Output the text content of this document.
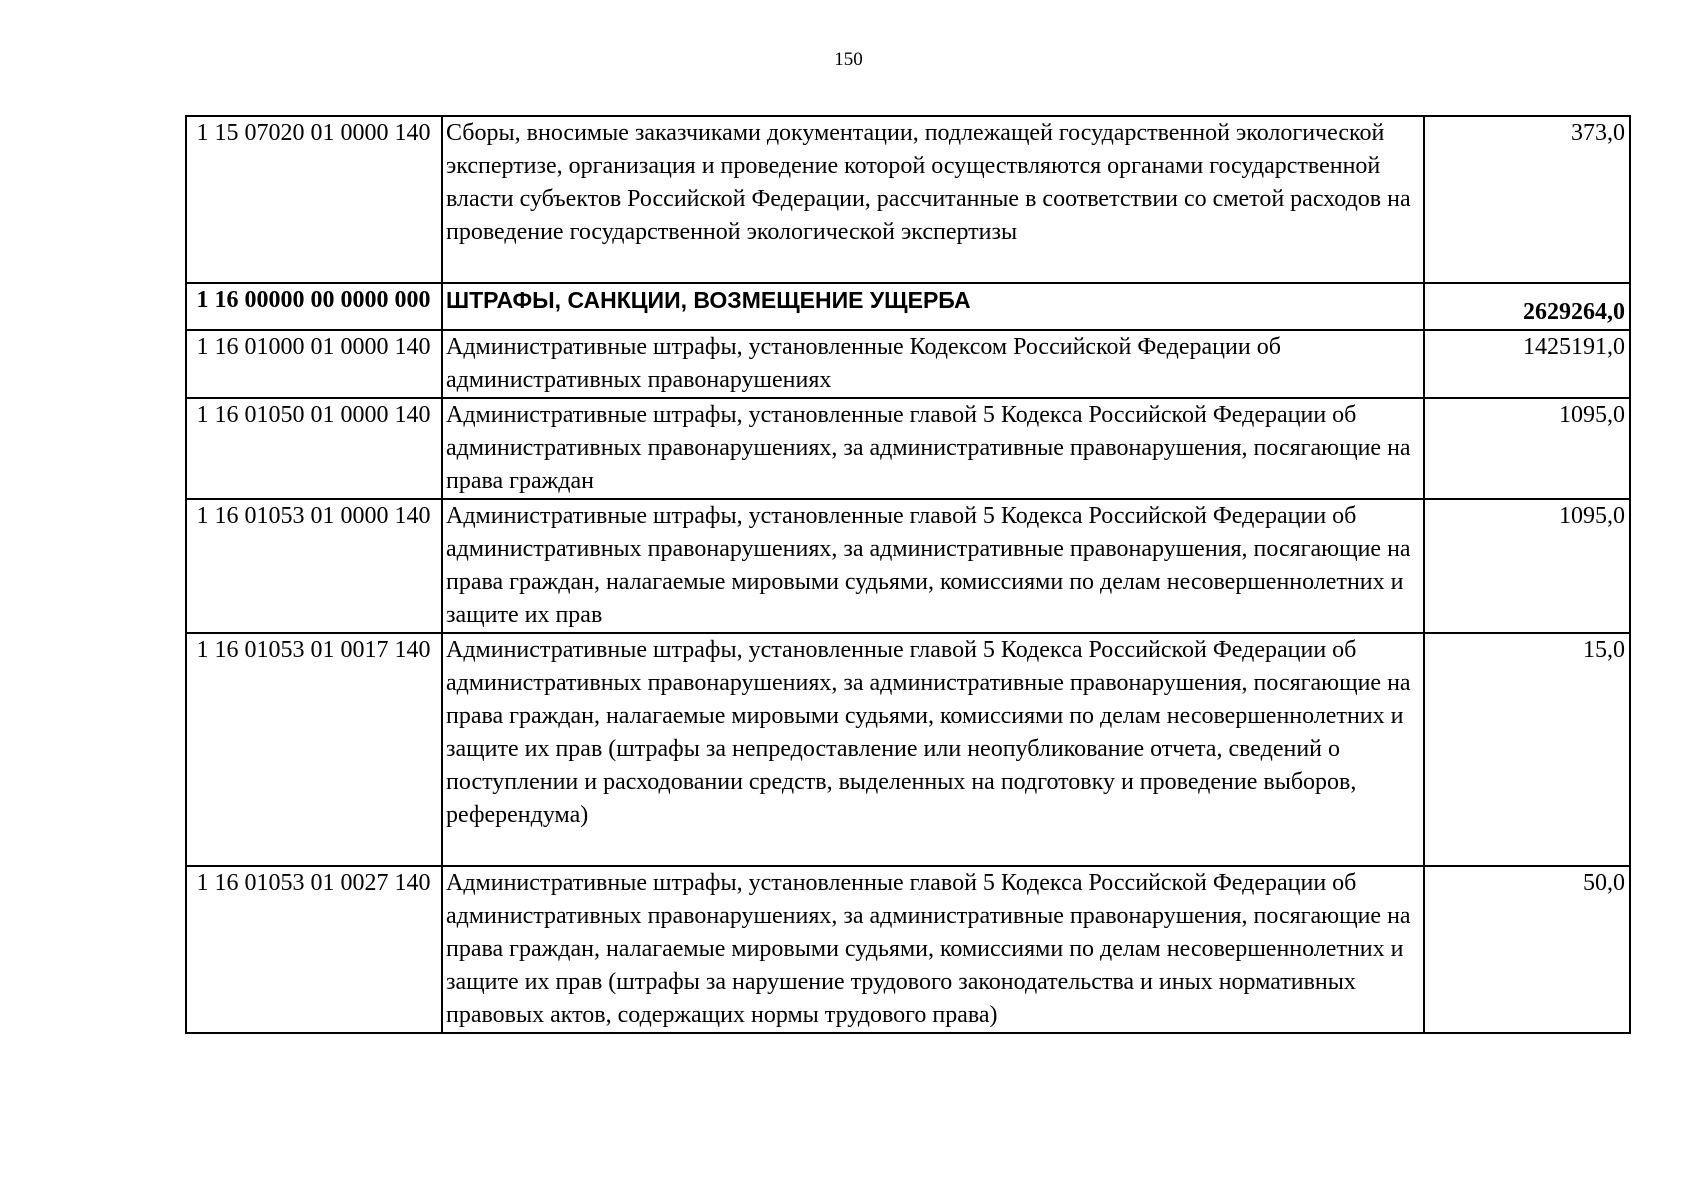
150
1 15 07020 01 0000 140	Сборы, вносимые заказчиками документации, подлежащей государственной экологической экспертизе, организация и проведение которой осуществляются органами государственной власти субъектов Российской Федерации, рассчитанные в соответствии со сметой расходов на проведение государственной экологической экспертизы	373,0
1 16 00000 00 0000 000	ШТРАФЫ, САНКЦИИ, ВОЗМЕЩЕНИЕ УЩЕРБА	2629264,0
1 16 01000 01 0000 140	Административные штрафы, установленные Кодексом Российской Федерации об административных правонарушениях	1425191,0
1 16 01050 01 0000 140	Административные штрафы, установленные главой 5 Кодекса Российской Федерации об административных правонарушениях, за административные правонарушения, посягающие на права граждан	1095,0
1 16 01053 01 0000 140	Административные штрафы, установленные главой 5 Кодекса Российской Федерации об административных правонарушениях, за административные правонарушения, посягающие на права граждан, налагаемые мировыми судьями, комиссиями по делам несовершеннолетних и защите их прав	1095,0
1 16 01053 01 0017 140	Административные штрафы, установленные главой 5 Кодекса Российской Федерации об административных правонарушениях, за административные правонарушения, посягающие на права граждан, налагаемые мировыми судьями, комиссиями по делам несовершеннолетних и защите их прав (штрафы за непредоставление или неопубликование отчета, сведений о поступлении и расходовании средств, выделенных на подготовку и проведение выборов, референдума)	15,0
1 16 01053 01 0027 140	Административные штрафы, установленные главой 5 Кодекса Российской Федерации об административных правонарушениях, за административные правонарушения, посягающие на права граждан, налагаемые мировыми судьями, комиссиями по делам несовершеннолетних и защите их прав (штрафы за нарушение трудового законодательства и иных нормативных правовых актов, содержащих нормы трудового права)	50,0
